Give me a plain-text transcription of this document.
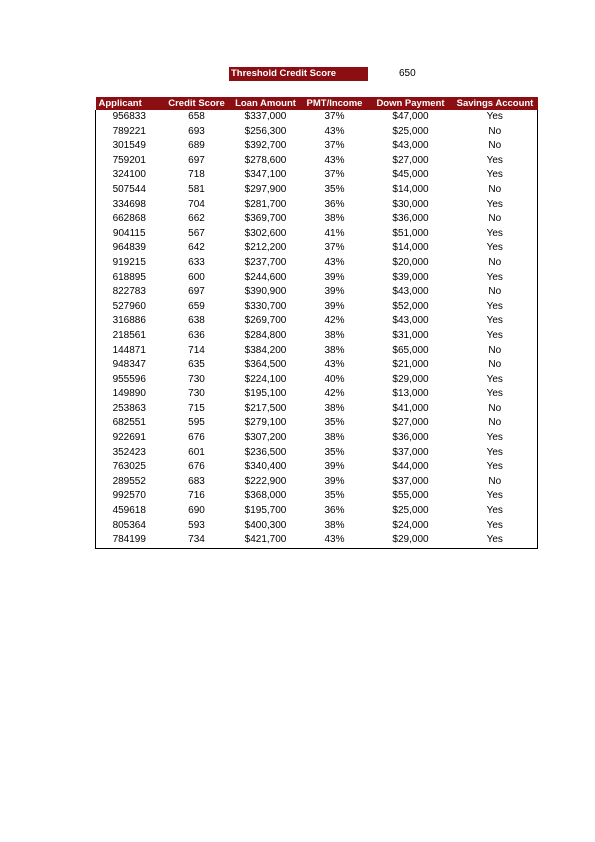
Threshold Credit Score	650
Applicant	Credit Score	Loan Amount	PMT/Income	Down Payment	Savings Account
956833	658	$337,000	37%	$47,000	Yes
789221	693	$256,300	43%	$25,000	No
301549	689	$392,700	37%	$43,000	No
759201	697	$278,600	43%	$27,000	Yes
324100	718	$347,100	37%	$45,000	Yes
507544	581	$297,900	35%	$14,000	No
334698	704	$281,700	36%	$30,000	Yes
662868	662	$369,700	38%	$36,000	No
904115	567	$302,600	41%	$51,000	Yes
964839	642	$212,200	37%	$14,000	Yes
919215	633	$237,700	43%	$20,000	No
618895	600	$244,600	39%	$39,000	Yes
822783	697	$390,900	39%	$43,000	No
527960	659	$330,700	39%	$52,000	Yes
316886	638	$269,700	42%	$43,000	Yes
218561	636	$284,800	38%	$31,000	Yes
144871	714	$384,200	38%	$65,000	No
948347	635	$364,500	43%	$21,000	No
955596	730	$224,100	40%	$29,000	Yes
149890	730	$195,100	42%	$13,000	Yes
253863	715	$217,500	38%	$41,000	No
682551	595	$279,100	35%	$27,000	No
922691	676	$307,200	38%	$36,000	Yes
352423	601	$236,500	35%	$37,000	Yes
763025	676	$340,400	39%	$44,000	Yes
289552	683	$222,900	39%	$37,000	No
992570	716	$368,000	35%	$55,000	Yes
459618	690	$195,700	36%	$25,000	Yes
805364	593	$400,300	38%	$24,000	Yes
784199	734	$421,700	43%	$29,000	Yes
